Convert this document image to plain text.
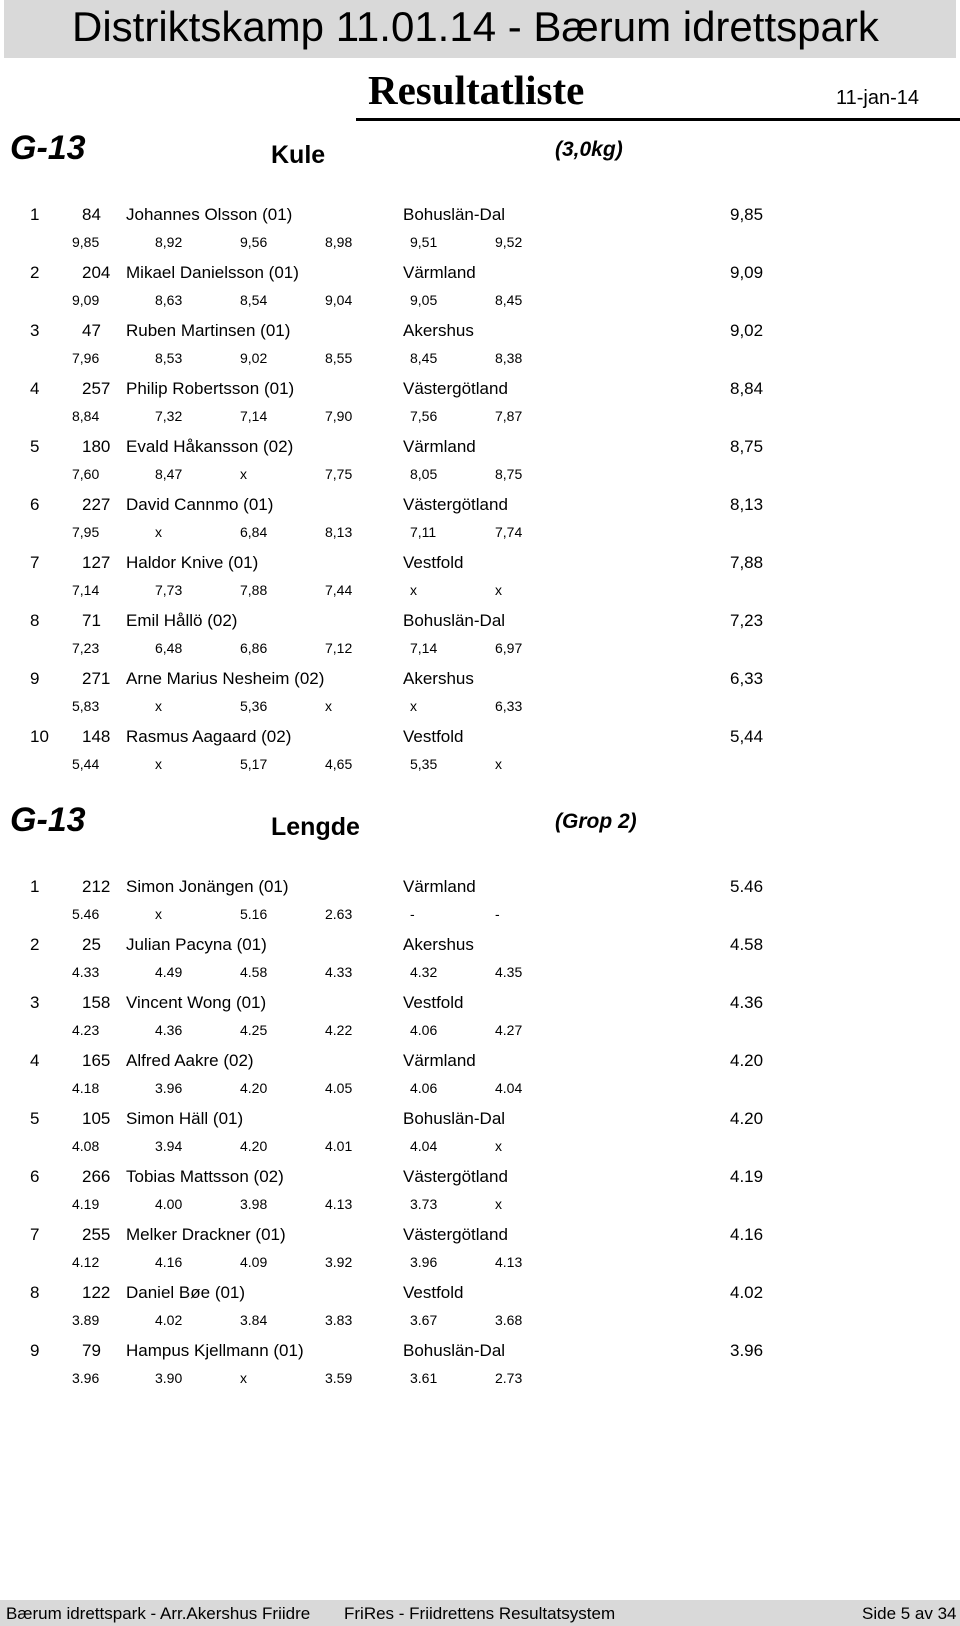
Distriktskamp 11.01.14 - Bærum idrettspark
Resultatliste	11-jan-14
G-13	Kule	(3,0kg)
1	84 Johannes Olsson (01)	Bohuslän-Dal	9,85
9,85	8,92	9,56	8,98	9,51	9,52
2	204 Mikael Danielsson (01)	Värmland	9,09
9,09	8,63	8,54	9,04	9,05	8,45
3	47 Ruben Martinsen (01)	Akershus	9,02
7,96	8,53	9,02	8,55	8,45	8,38
4	257 Philip Robertsson (01)	Västergötland	8,84
8,84	7,32	7,14	7,90	7,56	7,87
5	180 Evald Håkansson (02)	Värmland	8,75
7,60	8,47	x	7,75	8,05	8,75
6	227 David Cannmo (01)	Västergötland	8,13
7,95	x	6,84	8,13	7,11	7,74
7	127 Haldor Knive (01)	Vestfold	7,88
7,14	7,73	7,88	7,44	x	x
8	71 Emil Hållö (02)	Bohuslän-Dal	7,23
7,23	6,48	6,86	7,12	7,14	6,97
9	271 Arne Marius Nesheim (02)	Akershus	6,33
5,83	x	5,36	x	x	6,33
10 148 Rasmus Aagaard (02)	Vestfold	5,44
5,44	x	5,17	4,65	5,35	x
G-13	Lengde	(Grop 2)
1	212 Simon Jonängen (01)	Värmland	5.46
5.46	x	5.16	2.63	-	-
2	25 Julian Pacyna (01)	Akershus	4.58
4.33	4.49	4.58	4.33	4.32	4.35
3	158 Vincent Wong (01)	Vestfold	4.36
4.23	4.36	4.25	4.22	4.06	4.27
4	165 Alfred Aakre (02)	Värmland	4.20
4.18	3.96	4.20	4.05	4.06	4.04
5	105 Simon Häll (01)	Bohuslän-Dal	4.20
4.08	3.94	4.20	4.01	4.04	x
6	266 Tobias Mattsson (02)	Västergötland	4.19
4.19	4.00	3.98	4.13	3.73	x
7	255 Melker Drackner (01)	Västergötland	4.16
4.12	4.16	4.09	3.92	3.96	4.13
8	122 Daniel Bøe (01)	Vestfold	4.02
3.89	4.02	3.84	3.83	3.67	3.68
9	79 Hampus Kjellmann (01)	Bohuslän-Dal	3.96
3.96	3.90	x	3.59	3.61	2.73
Bærum idrettspark - Arr.Akershus Friidre FriRes - Friidrettens Resultatsystem	Side 5 av 34
